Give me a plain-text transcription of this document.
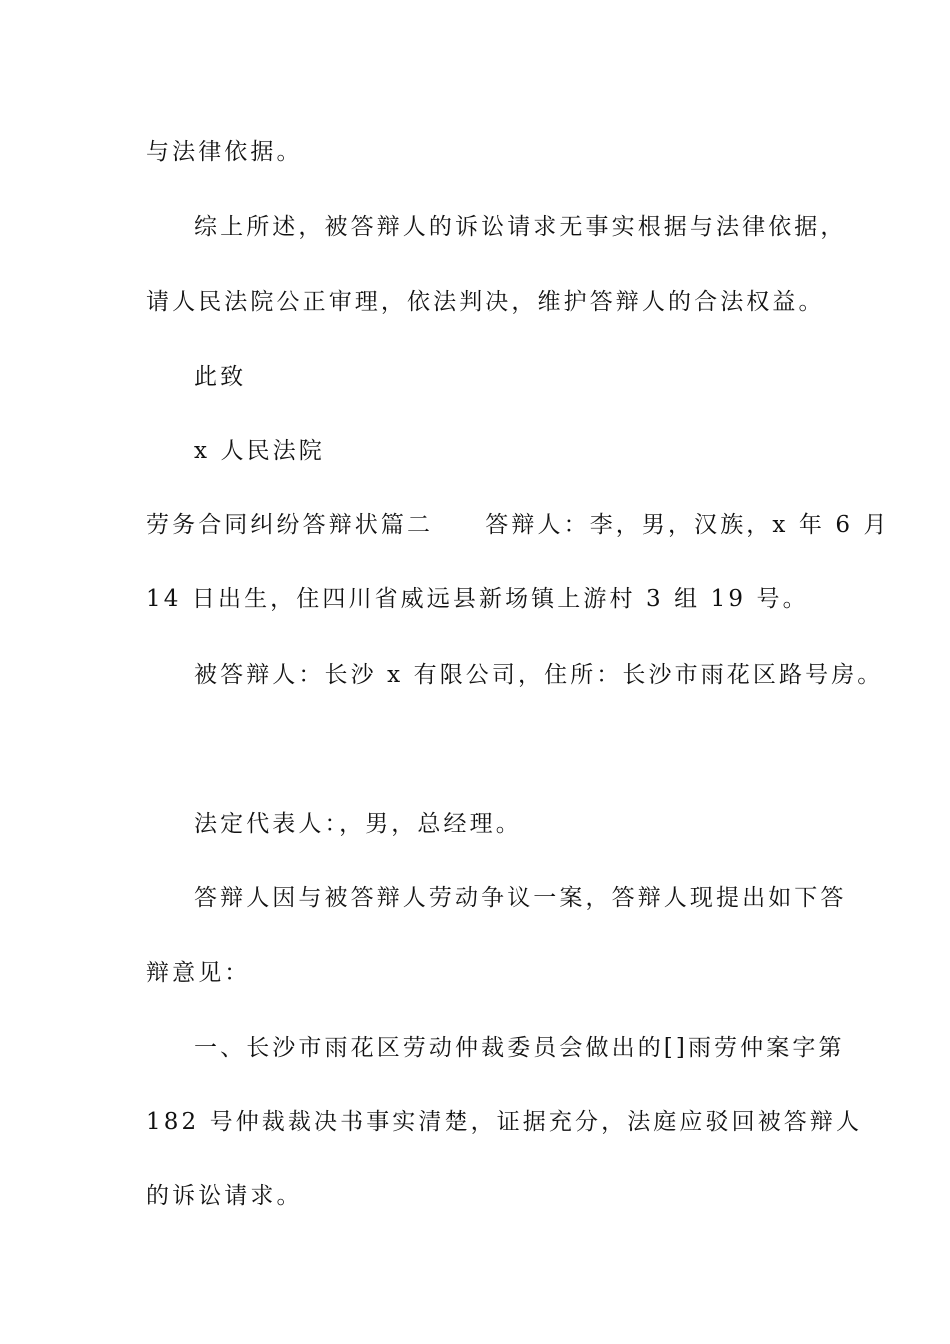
与法律依据。
综上所述，被答辩人的诉讼请求无事实根据与法律依据，
请人民法院公正审理，依法判决，维护答辩人的合法权益。
此致
x 人民法院
劳务合同纠纷答辩状篇二　　答辩人：李，男，汉族，x 年 6 月
14 日出生，住四川省威远县新场镇上游村 3 组 19 号。
被答辩人：长沙 x 有限公司，住所：长沙市雨花区路号房。
法定代表人：，男，总经理。
答辩人因与被答辩人劳动争议一案，答辩人现提出如下答
辩意见：
一、长沙市雨花区劳动仲裁委员会做出的[]雨劳仲案字第
182 号仲裁裁决书事实清楚，证据充分，法庭应驳回被答辩人
的诉讼请求。
